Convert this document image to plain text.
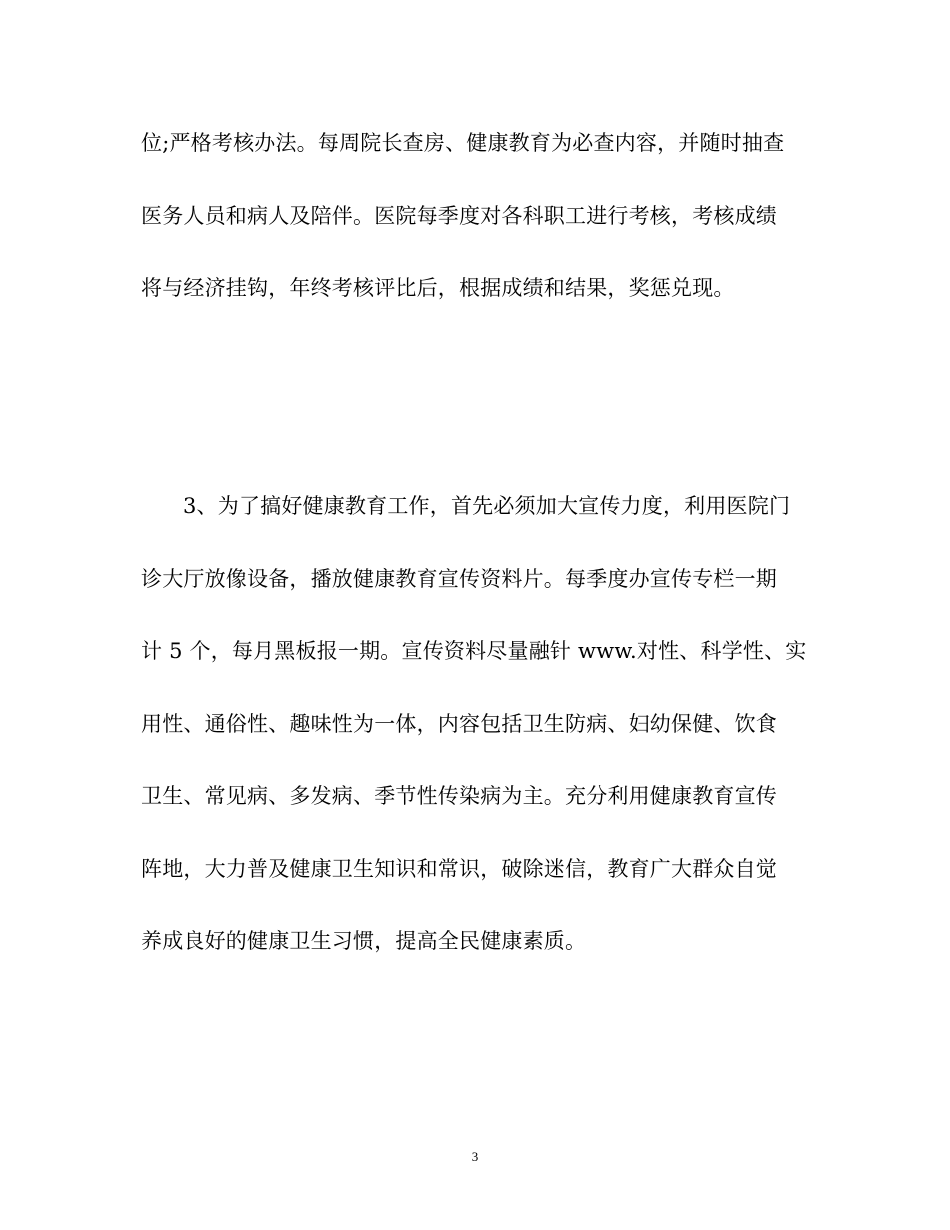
位;严格考核办法。每周院长查房、健康教育为必查内容，并随时抽查
医务人员和病人及陪伴。医院每季度对各科职工进行考核，考核成绩
将与经济挂钩，年终考核评比后，根据成绩和结果，奖惩兑现。
3、为了搞好健康教育工作，首先必须加大宣传力度，利用医院门
诊大厅放像设备，播放健康教育宣传资料片。每季度办宣传专栏一期
计 5 个，每月黑板报一期。宣传资料尽量融针 www.对性、科学性、实
用性、通俗性、趣味性为一体，内容包括卫生防病、妇幼保健、饮食
卫生、常见病、多发病、季节性传染病为主。充分利用健康教育宣传
阵地，大力普及健康卫生知识和常识，破除迷信，教育广大群众自觉
养成良好的健康卫生习惯，提高全民健康素质。
3
